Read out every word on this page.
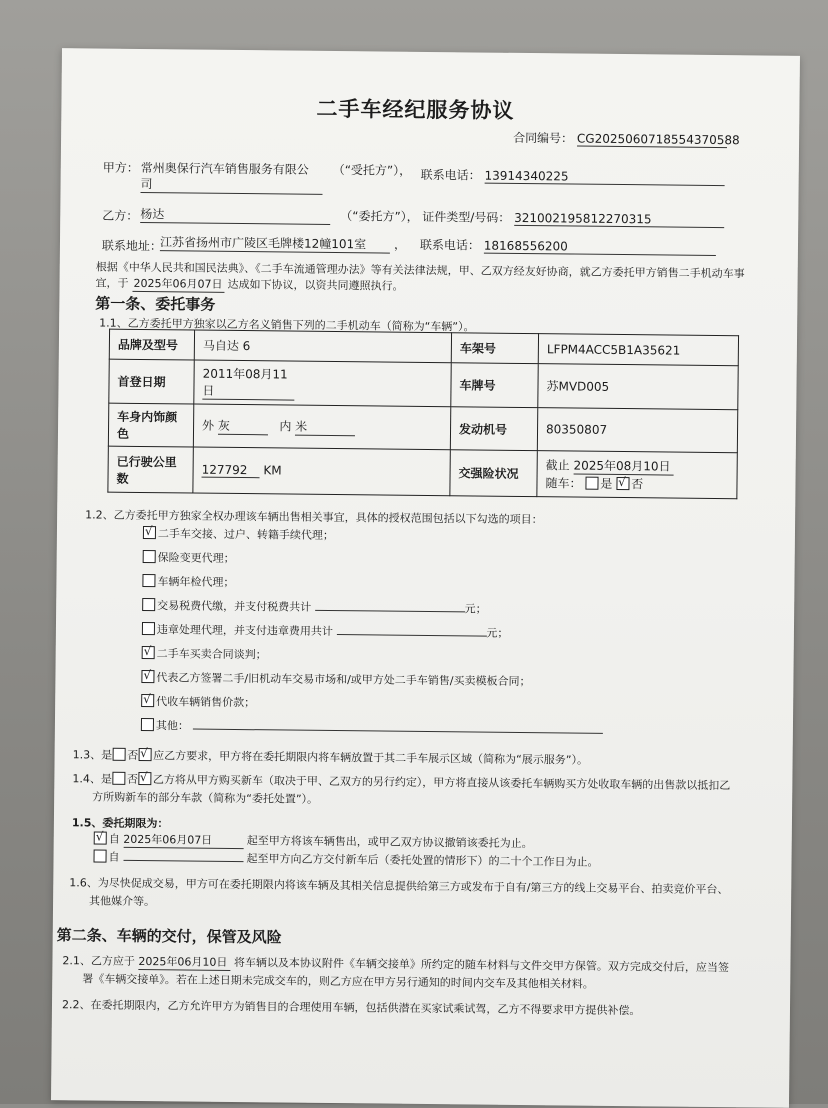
二手车经纪服务协议
合同编号： CG2025060718554370588
甲方： 常州奥保行汽车销售服务有限公
司
（“受托方”）， 联系电话： 13914340225
乙方： 杨达	（“委托方”）， 证件类型/号码： 321002195812270315
联系地址：
江苏省扬州市广陵区毛牌楼12幢101室	， 联系电话： 18168556200
根据《中华人民共和国民法典》、《二手车流通管理办法》等有关法律法规，甲、乙双方经友好协商，就乙方委托甲方销售二手机动车事
宜，于 2025年06月07日 达成如下协议，以资共同遵照执行。
第一条、委托事务
1.1、乙方委托甲方独家以乙方名义销售下列的二手机动车（简称为“车辆”）。
品牌及型号	马自达 6	车架号	LFPM4ACC5B1A35621
首登日期	2011年08月11日	车牌号	苏MVD005
车身内饰颜色	外 灰 内 米	发动机号	80350807
已行驶公里数	127792 KM	交强险状况	截止 2025年08月10日
随车： 是 √ 否
1.2、乙方委托甲方独家全权办理该车辆出售相关事宜，具体的授权范围包括以下勾选的项目：
√二手车交接、过户、转籍手续代理；
保险变更代理；
车辆年检代理；
交易税费代缴，并支付税费共计	元；
违章处理代理，并支付违章费用共计	元；
√二手车买卖合同谈判；
√代表乙方签署二手/旧机动车交易市场和/或甲方处二手车销售/买卖模板合同；
√代收车辆销售价款；
其他：
1.3、是 否 √ 应乙方要求，甲方将在委托期限内将车辆放置于其二手车展示区域（简称为“展示服务”）。
1.4、是 否 √ 乙方将从甲方购买新车（取决于甲、乙双方的另行约定），甲方将直接从该委托车辆购买方处收取车辆的出售款以抵扣乙
方所购新车的部分车款（简称为“委托处置”）。
1.5、委托期限为：
√自 2025年06月07日	起至甲方将该车辆售出，或甲乙双方协议撤销该委托为止。
自	起至甲方向乙方交付新车后（委托处置的情形下）的二十个工作日为止。
1.6、为尽快促成交易，甲方可在委托期限内将该车辆及其相关信息提供给第三方或发布于自有/第三方的线上交易平台、拍卖竞价平台、
其他媒介等。
第二条、车辆的交付，保管及风险
2.1、乙方应于 2025年06月10日 将车辆以及本协议附件《车辆交接单》所约定的随车材料与文件交甲方保管。双方完成交付后，应当签
署《车辆交接单》。若在上述日期未完成交车的，则乙方应在甲方另行通知的时间内交车及其他相关材料。
2.2、在委托期限内，乙方允许甲方为销售目的合理使用车辆，包括供潜在买家试乘试驾，乙方不得要求甲方提供补偿。
